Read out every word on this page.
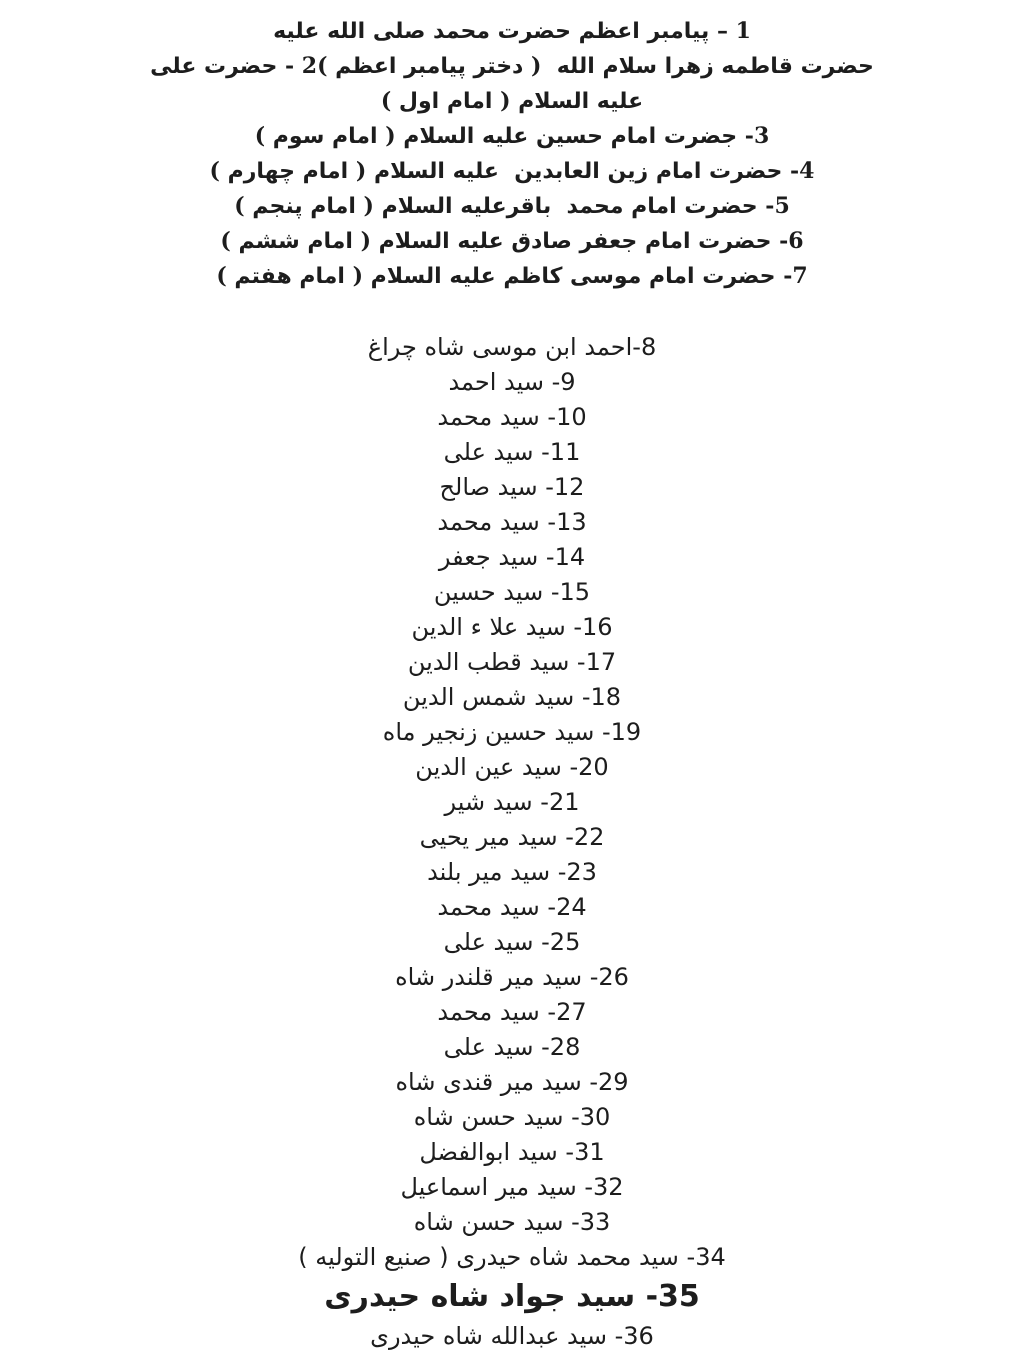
1 – پیامبر اعظم حضرت محمد صلی الله علیه
حضرت قاطمه زهرا سلام الله  ( دختر پیامبر اعظم )2 - حضرت علی
علیه السلام ( امام اول )
3- جضرت امام حسین علیه السلام ( امام سوم )
4- حضرت امام زین العابدین  علیه السلام ( امام چهارم )
5- حضرت امام محمد  باقرعلیه السلام ( امام پنجم )
6- حضرت امام جعفر صادق علیه السلام ( امام ششم )
7- حضرت امام موسی کاظم علیه السلام ( امام هفتم )
8-احمد ابن موسی شاه چراغ
9- سید احمد
10- سید محمد
11- سید علی
12- سید صالح
13- سید محمد
14- سید جعفر
15- سید حسین
16- سید علا ء الدین
17- سید قطب الدین
18- سید شمس الدین
19- سید حسین زنجیر ماه
20- سید عین الدین
21- سید شیر
22- سید میر یحیی
23- سید میر بلند
24- سید محمد
25- سید علی
26- سید میر قلندر شاه
27- سید محمد
28- سید علی
29- سید میر قندی شاه
30- سید حسن شاه
31- سید ابوالفضل
32- سید میر اسماعیل
33- سید حسن شاه
34- سید محمد شاه حیدری ( صنیع التولیه )
35- سید جواد شاه حیدری
36- سید عبدالله شاه حیدری
